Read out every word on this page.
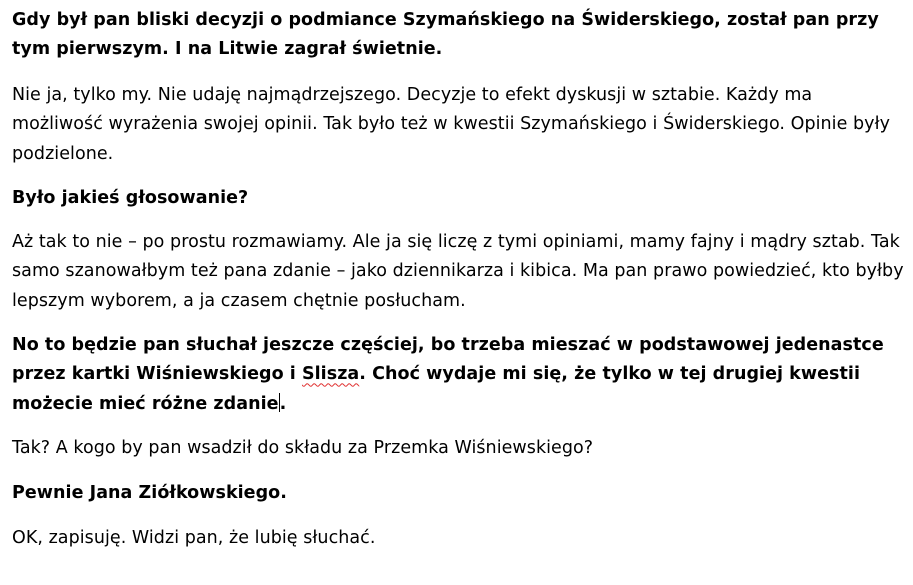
Gdy był pan bliski decyzji o podmiance Szymańskiego na Świderskiego, został pan przy tym pierwszym. I na Litwie zagrał świetnie.

Nie ja, tylko my. Nie udaję najmądrzejszego. Decyzje to efekt dyskusji w sztabie. Każdy ma możliwość wyrażenia swojej opinii. Tak było też w kwestii Szymańskiego i Świderskiego. Opinie były podzielone.

Było jakieś głosowanie?

Aż tak to nie – po prostu rozmawiamy. Ale ja się liczę z tymi opiniami, mamy fajny i mądry sztab. Tak samo szanowałbym też pana zdanie – jako dziennikarza i kibica. Ma pan prawo powiedzieć, kto byłby lepszym wyborem, a ja czasem chętnie posłucham.

No to będzie pan słuchał jeszcze częściej, bo trzeba mieszać w podstawowej jedenastce przez kartki Wiśniewskiego i Slisza. Choć wydaje mi się, że tylko w tej drugiej kwestii możecie mieć różne zdanie.

Tak? A kogo by pan wsadził do składu za Przemka Wiśniewskiego?

Pewnie Jana Ziółkowskiego.

OK, zapisuję. Widzi pan, że lubię słuchać.
